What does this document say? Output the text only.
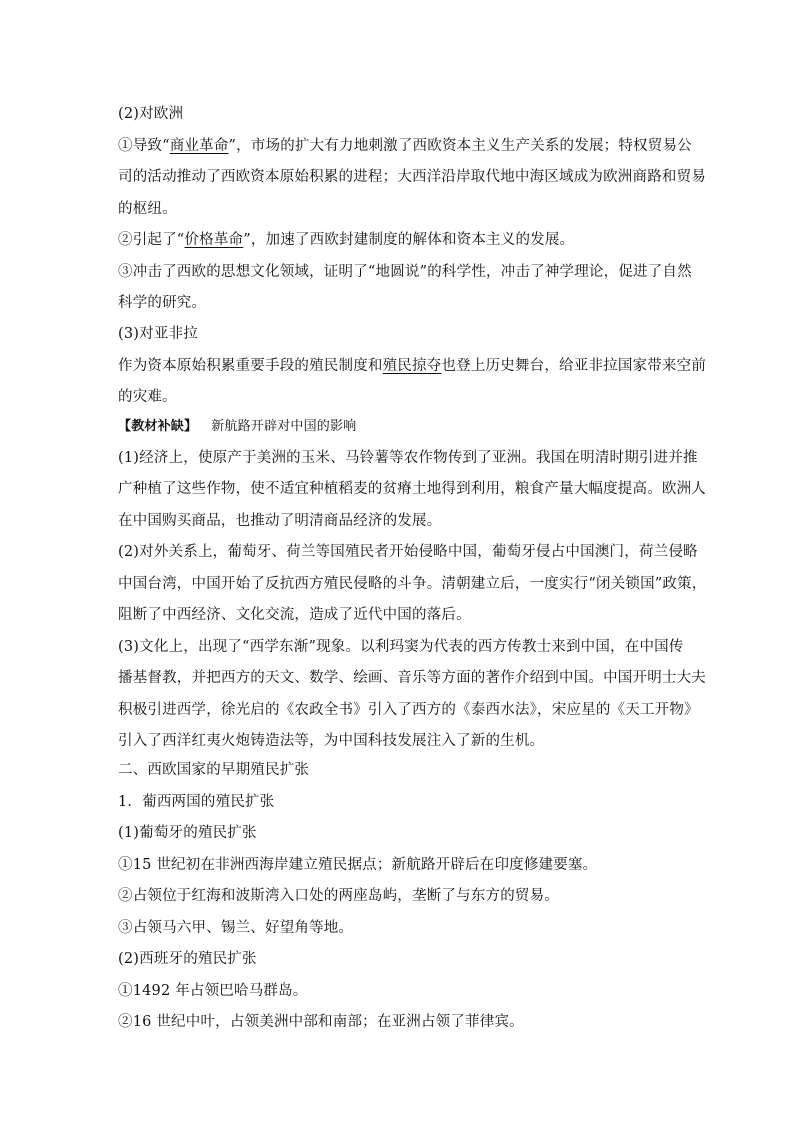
(2)对欧洲
①导致“商业革命”，市场的扩大有力地刺激了西欧资本主义生产关系的发展；特权贸易公
司的活动推动了西欧资本原始积累的进程；大西洋沿岸取代地中海区域成为欧洲商路和贸易
的枢纽。
②引起了“价格革命”，加速了西欧封建制度的解体和资本主义的发展。
③冲击了西欧的思想文化领域，证明了“地圆说”的科学性，冲击了神学理论，促进了自然
科学的研究。
(3)对亚非拉
作为资本原始积累重要手段的殖民制度和殖民掠夺也登上历史舞台，给亚非拉国家带来空前
的灾难。
【教材补缺】 新航路开辟对中国的影响
(1)经济上，使原产于美洲的玉米、马铃薯等农作物传到了亚洲。我国在明清时期引进并推
广种植了这些作物，使不适宜种植稻麦的贫瘠土地得到利用，粮食产量大幅度提高。欧洲人
在中国购买商品，也推动了明清商品经济的发展。
(2)对外关系上，葡萄牙、荷兰等国殖民者开始侵略中国，葡萄牙侵占中国澳门，荷兰侵略
中国台湾，中国开始了反抗西方殖民侵略的斗争。清朝建立后，一度实行“闭关锁国”政策，
阻断了中西经济、文化交流，造成了近代中国的落后。
(3)文化上，出现了“西学东渐”现象。以利玛窦为代表的西方传教士来到中国，在中国传
播基督教，并把西方的天文、数学、绘画、音乐等方面的著作介绍到中国。中国开明士大夫
积极引进西学，徐光启的《农政全书》引入了西方的《泰西水法》，宋应星的《天工开物》
引入了西洋红夷火炮铸造法等，为中国科技发展注入了新的生机。
二、西欧国家的早期殖民扩张
1．葡西两国的殖民扩张
(1)葡萄牙的殖民扩张
①15 世纪初在非洲西海岸建立殖民据点；新航路开辟后在印度修建要塞。
②占领位于红海和波斯湾入口处的两座岛屿，垄断了与东方的贸易。
③占领马六甲、锡兰、好望角等地。
(2)西班牙的殖民扩张
①1492 年占领巴哈马群岛。
②16 世纪中叶，占领美洲中部和南部；在亚洲占领了菲律宾。
